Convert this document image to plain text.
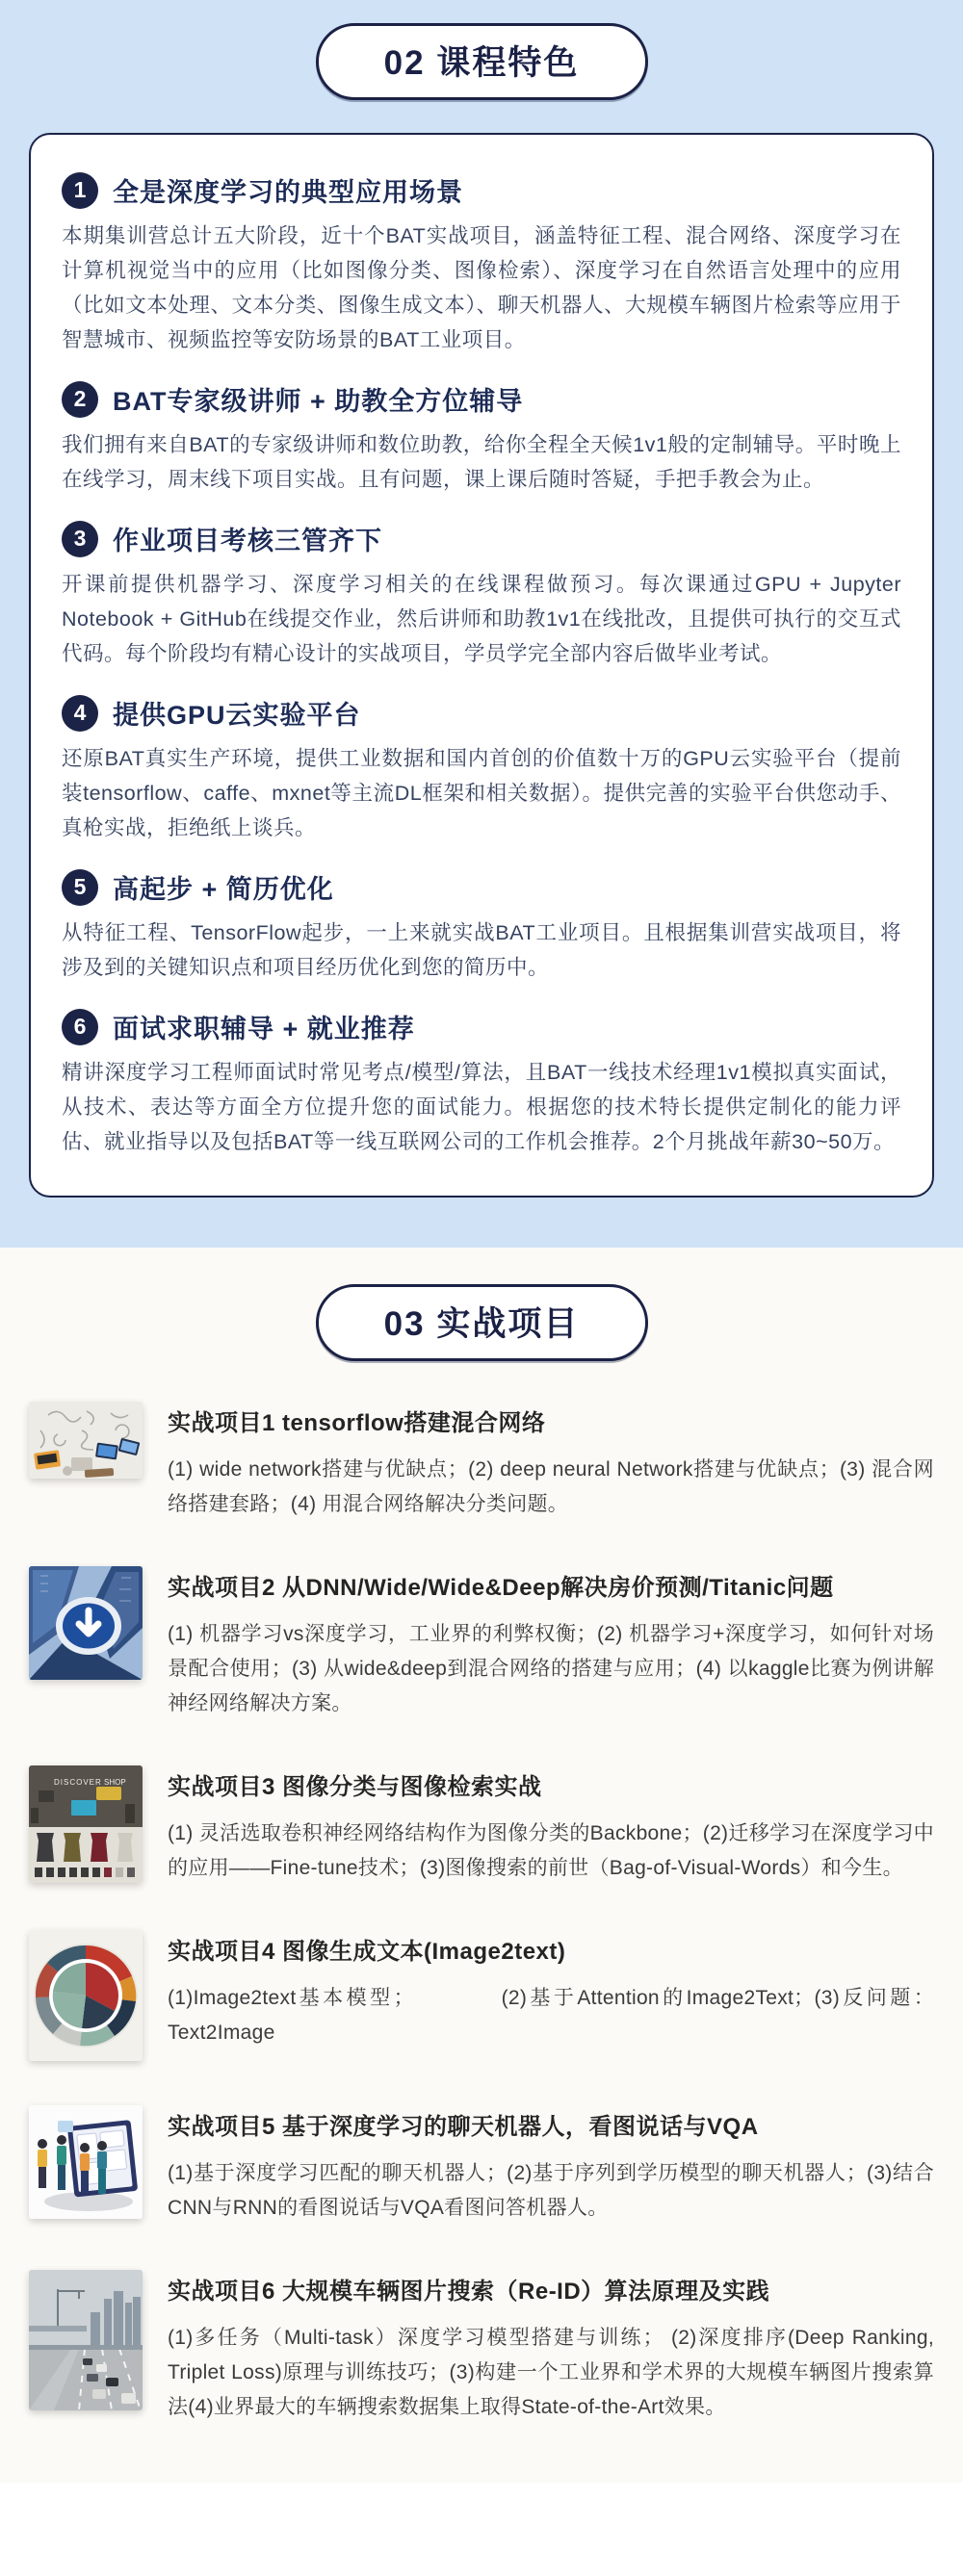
02 课程特色
1	全是深度学习的典型应用场景

本期集训营总计五大阶段，近十个BAT实战项目，涵盖特征工程、混合网络、深度学习在计算机视觉当中的应用（比如图像分类、图像检索）、深度学习在自然语言处理中的应用（比如文本处理、文本分类、图像生成文本）、聊天机器人、大规模车辆图片检索等应用于智慧城市、视频监控等安防场景的BAT工业项目。

2	BAT专家级讲师 + 助教全方位辅导

我们拥有来自BAT的专家级讲师和数位助教，给你全程全天候1v1般的定制辅导。平时晚上在线学习，周末线下项目实战。且有问题，课上课后随时答疑，手把手教会为止。

3	作业项目考核三管齐下

开课前提供机器学习、深度学习相关的在线课程做预习。每次课通过GPU + Jupyter Notebook + GitHub在线提交作业，然后讲师和助教1v1在线批改，且提供可执行的交互式代码。每个阶段均有精心设计的实战项目，学员学完全部内容后做毕业考试。

4	提供GPU云实验平台

还原BAT真实生产环境，提供工业数据和国内首创的价值数十万的GPU云实验平台（提前装tensorflow、caffe、mxnet等主流DL框架和相关数据）。提供完善的实验平台供您动手、真枪实战，拒绝纸上谈兵。

5	高起步 + 简历优化

从特征工程、TensorFlow起步，一上来就实战BAT工业项目。且根据集训营实战项目，将涉及到的关键知识点和项目经历优化到您的简历中。

6	面试求职辅导 + 就业推荐

精讲深度学习工程师面试时常见考点/模型/算法，且BAT一线技术经理1v1模拟真实面试，从技术、表达等方面全方位提升您的面试能力。根据您的技术特长提供定制化的能力评估、就业指导以及包括BAT等一线互联网公司的工作机会推荐。2个月挑战年薪30~50万。

03 实战项目
实战项目1 tensorflow搭建混合网络

(1) wide network搭建与优缺点；(2) deep neural Network搭建与优缺点；(3) 混合网络搭建套路；(4) 用混合网络解决分类问题。

实战项目2 从DNN/Wide/Wide&Deep解决房价预测/Titanic问题

(1) 机器学习vs深度学习，工业界的利弊权衡；(2) 机器学习+深度学习，如何针对场景配合使用；(3) 从wide&deep到混合网络的搭建与应用；(4) 以kaggle比赛为例讲解神经网络解决方案。

DISCOVER SHOP 实战项目3 图像分类与图像检索实战

(1) 灵活选取卷积神经网络结构作为图像分类的Backbone；(2)迁移学习在深度学习中的应用——Fine-tune技术；(3)图像搜索的前世（Bag-of-Visual-Words）和今生。

实战项目4 图像生成文本(Image2text)

(1)Image2text基本模型；　　　　(2)基于Attention的Image2Text；(3)反问题：Text2Image

实战项目5 基于深度学习的聊天机器人，看图说话与VQA

(1)基于深度学习匹配的聊天机器人；(2)基于序列到学历模型的聊天机器人；(3)结合CNN与RNN的看图说话与VQA看图问答机器人。

实战项目6 大规模车辆图片搜索（Re-ID）算法原理及实践

(1)多任务（Multi-task）深度学习模型搭建与训练； (2)深度排序(Deep Ranking, Triplet Loss)原理与训练技巧；(3)构建一个工业界和学术界的大规模车辆图片搜索算法(4)业界最大的车辆搜索数据集上取得State-of-the-Art效果。
